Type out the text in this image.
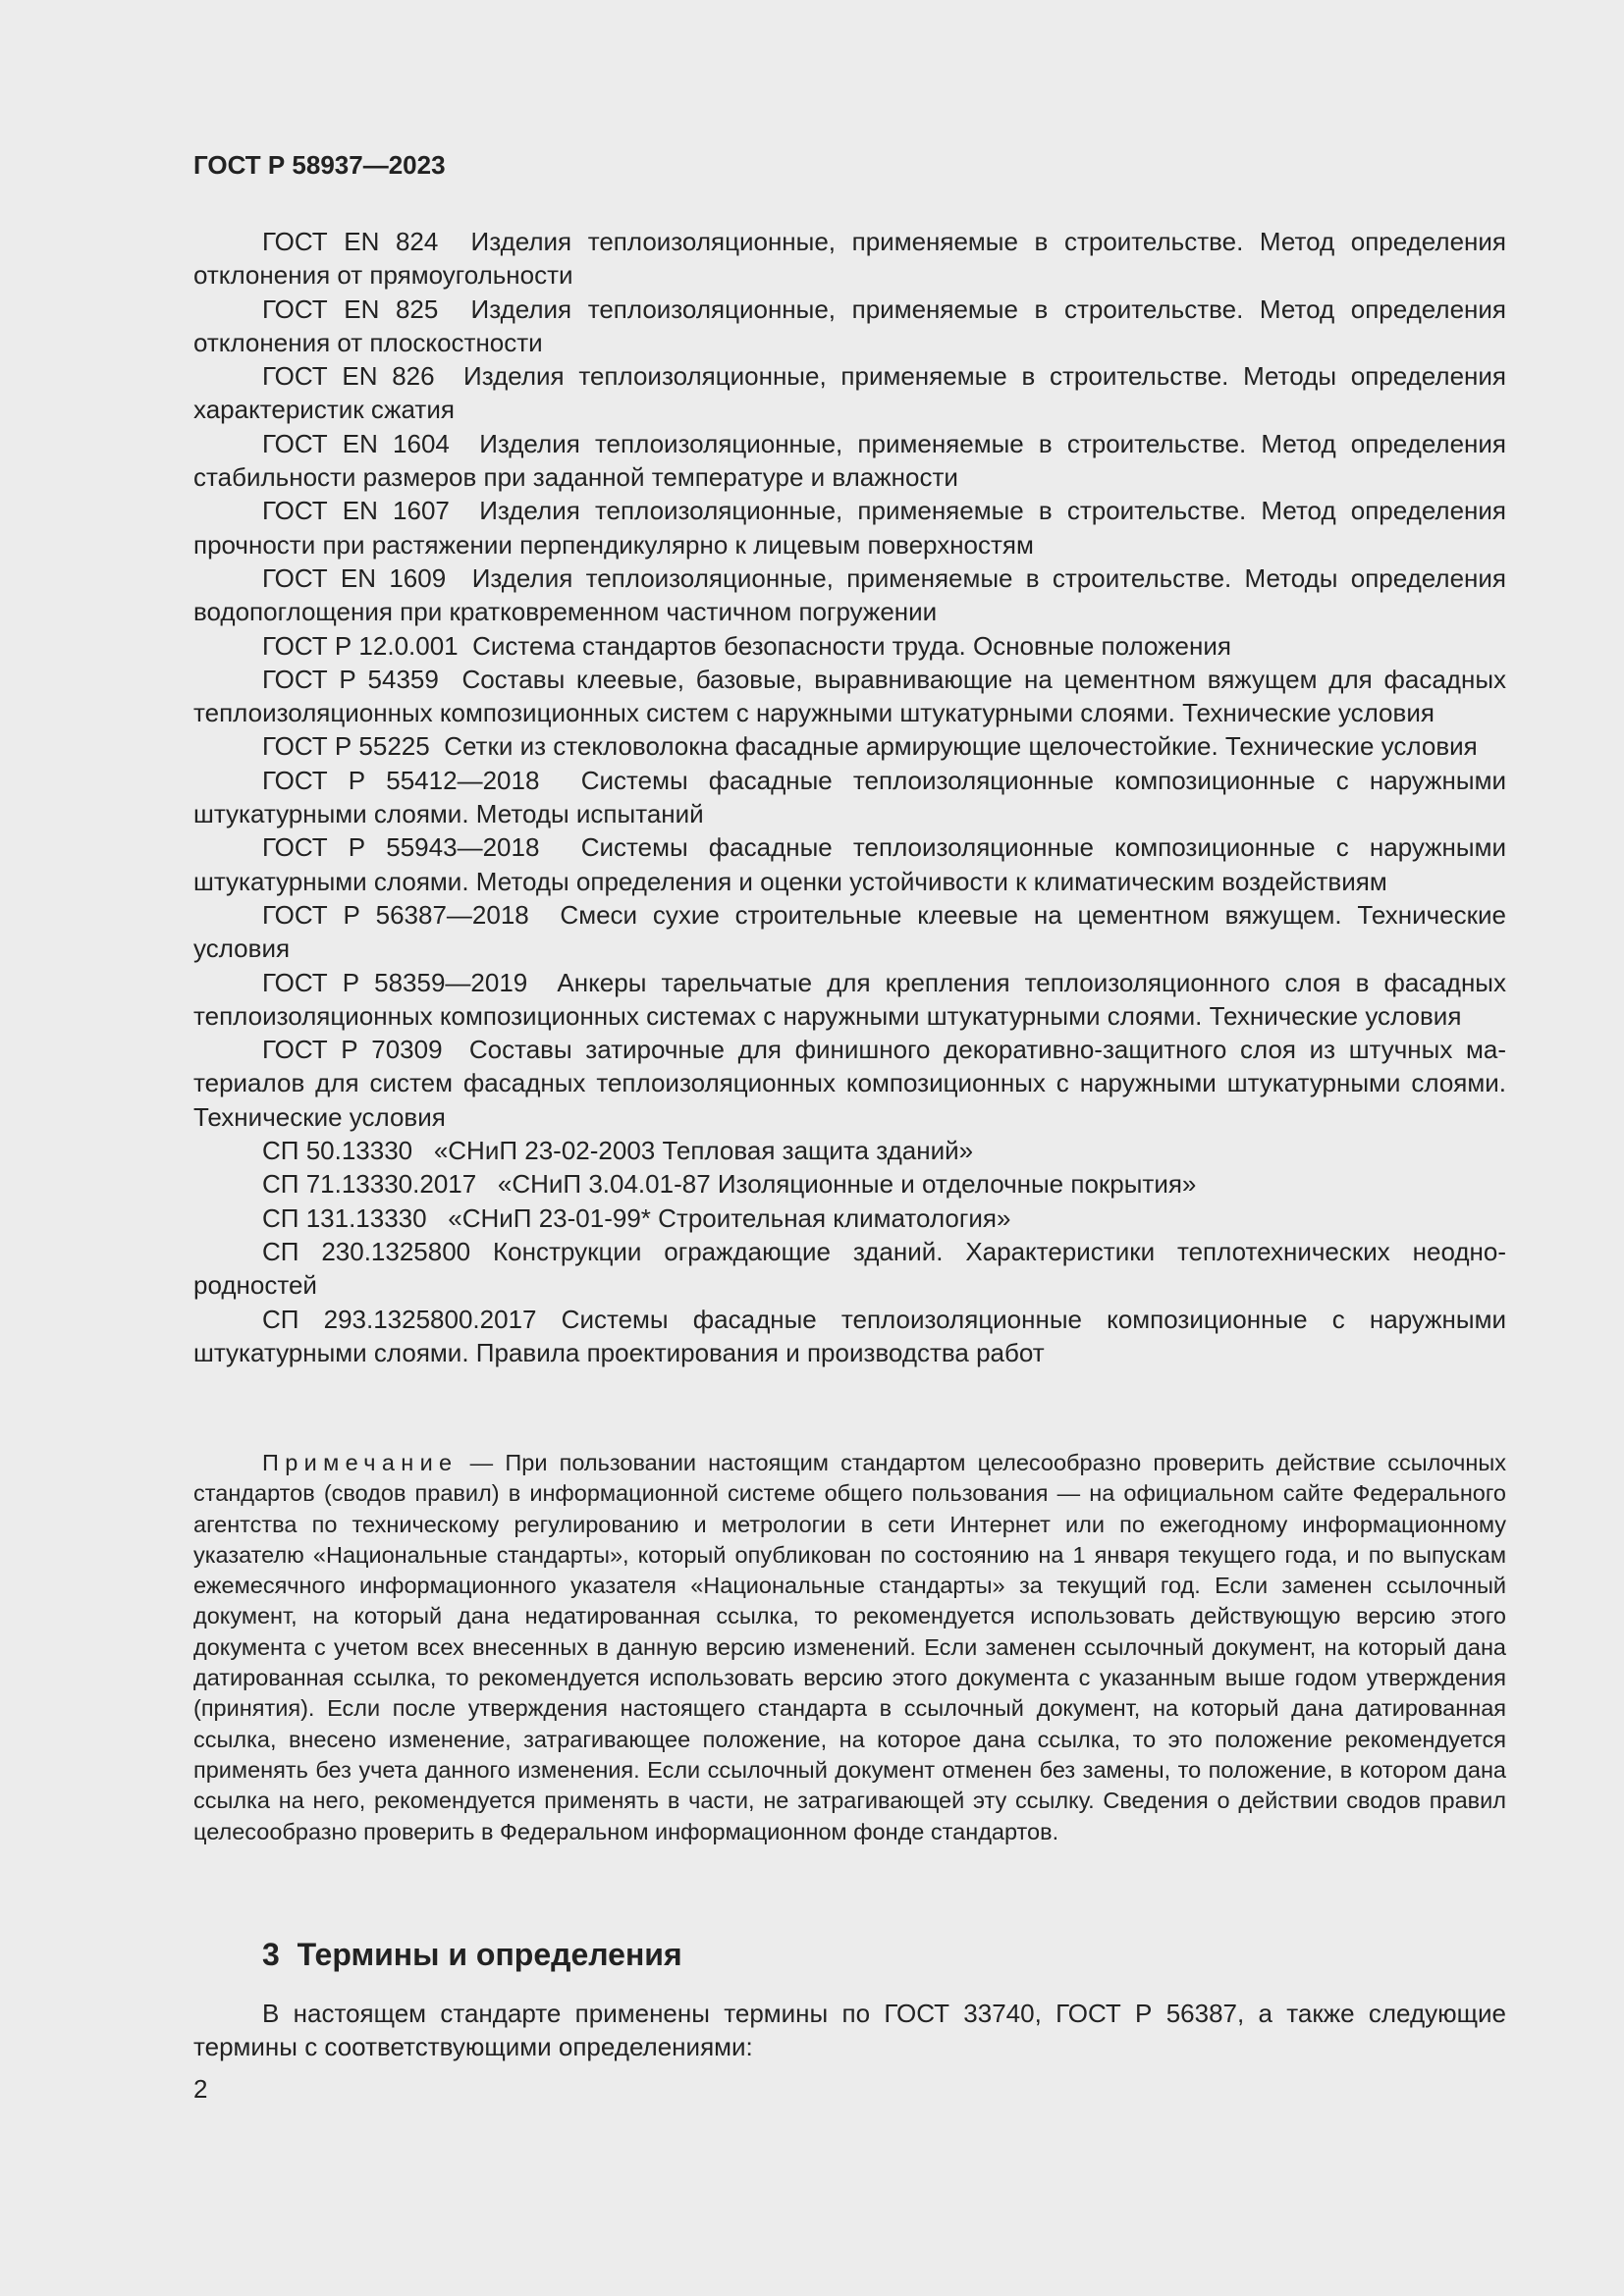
ГОСТ Р 58937—2023

ГОСТ EN 824 Изделия теплоизоляционные, применяемые в строительстве. Метод определения отклонения от прямоугольности

ГОСТ EN 825 Изделия теплоизоляционные, применяемые в строительстве. Метод определения отклонения от плоскостности

ГОСТ EN 826 Изделия теплоизоляционные, применяемые в строительстве. Методы определения характеристик сжатия

ГОСТ EN 1604 Изделия теплоизоляционные, применяемые в строительстве. Метод определения стабильности размеров при заданной температуре и влажности

ГОСТ EN 1607 Изделия теплоизоляционные, применяемые в строительстве. Метод определения прочности при растяжении перпендикулярно к лицевым поверхностям

ГОСТ EN 1609 Изделия теплоизоляционные, применяемые в строительстве. Методы определения водопоглощения при кратковременном частичном погружении

ГОСТ Р 12.0.001 Система стандартов безопасности труда. Основные положения

ГОСТ Р 54359 Составы клеевые, базовые, выравнивающие на цементном вяжущем для фасадных теплоизоляционных композиционных систем с наружными штукатурными слоями. Технические условия

ГОСТ Р 55225 Сетки из стекловолокна фасадные армирующие щелочестойкие. Технические условия

ГОСТ Р 55412—2018 Системы фасадные теплоизоляционные композиционные с наружными штукатурными слоями. Методы испытаний

ГОСТ Р 55943—2018 Системы фасадные теплоизоляционные композиционные с наружными штукатурными слоями. Методы определения и оценки устойчивости к климатическим воздействиям

ГОСТ Р 56387—2018 Смеси сухие строительные клеевые на цементном вяжущем. Технические условия

ГОСТ Р 58359—2019 Анкеры тарельчатые для крепления теплоизоляционного слоя в фасадных теплоизоляционных композиционных системах с наружными штукатурными слоями. Технические условия

ГОСТ Р 70309 Составы затирочные для финишного декоративно-защитного слоя из штучных материалов для систем фасадных теплоизоляционных композиционных с наружными штукатурными слоями. Технические условия

СП 50.13330 «СНиП 23-02-2003 Тепловая защита зданий»

СП 71.13330.2017 «СНиП 3.04.01-87 Изоляционные и отделочные покрытия»

СП 131.13330 «СНиП 23-01-99* Строительная климатология»

СП 230.1325800 Конструкции ограждающие зданий. Характеристики теплотехнических неоднородностей

СП 293.1325800.2017 Системы фасадные теплоизоляционные композиционные с наружными штукатурными слоями. Правила проектирования и производства работ

Примечание — При пользовании настоящим стандартом целесообразно проверить действие ссылочных стандартов (сводов правил) в информационной системе общего пользования — на официальном сайте Федерального агентства по техническому регулированию и метрологии в сети Интернет или по ежегодному информационному указателю «Национальные стандарты», который опубликован по состоянию на 1 января текущего года, и по выпускам ежемесячного информационного указателя «Национальные стандарты» за текущий год. Если заменен ссылочный документ, на который дана недатированная ссылка, то рекомендуется использовать действующую версию этого документа с учетом всех внесенных в данную версию изменений. Если заменен ссылочный документ, на который дана датированная ссылка, то рекомендуется использовать версию этого документа с указанным выше годом утверждения (принятия). Если после утверждения настоящего стандарта в ссылочный документ, на который дана датированная ссылка, внесено изменение, затрагивающее положение, на которое дана ссылка, то это положение рекомендуется применять без учета данного изменения. Если ссылочный документ отменен без замены, то положение, в котором дана ссылка на него, рекомендуется применять в части, не затрагивающей эту ссылку. Сведения о действии сводов правил целесообразно проверить в Федеральном информационном фонде стандартов.

3 Термины и определения

В настоящем стандарте применены термины по ГОСТ 33740, ГОСТ Р 56387, а также следующие термины с соответствующими определениями:

2
